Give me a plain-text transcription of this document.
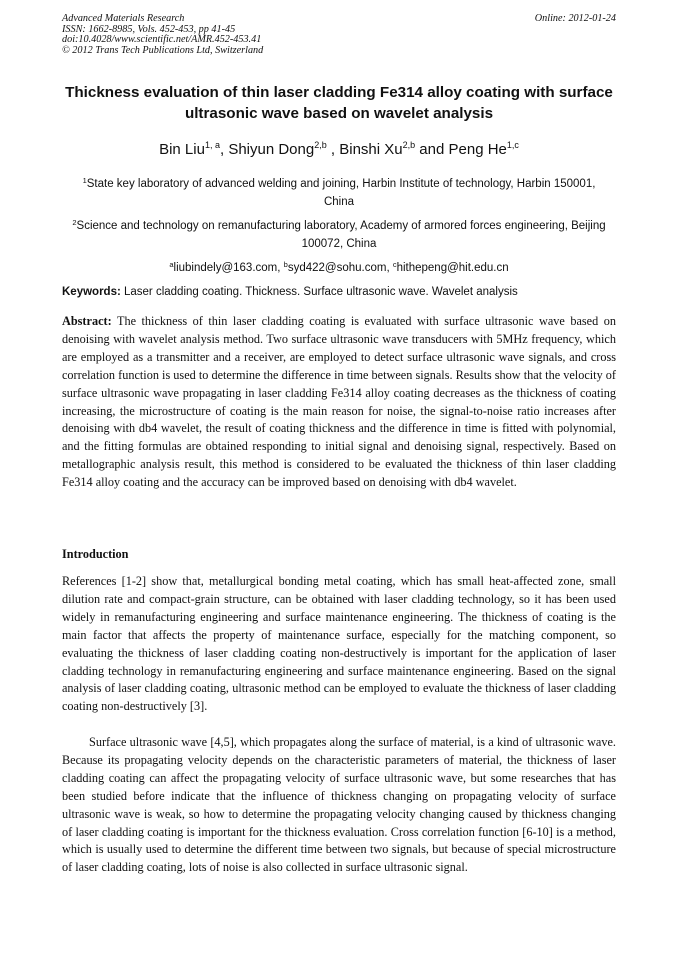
Advanced Materials Research
ISSN: 1662-8985, Vols. 452-453, pp 41-45
doi:10.4028/www.scientific.net/AMR.452-453.41
© 2012 Trans Tech Publications Ltd, Switzerland
Online: 2012-01-24
Thickness evaluation of thin laser cladding Fe314 alloy coating with surface ultrasonic wave based on wavelet analysis
Bin Liu$^{1, a}$, Shiyun Dong$^{2,b}$ , Binshi Xu$^{2,b}$ and Peng He$^{1,c}$
$^1$State key laboratory of advanced welding and joining, Harbin Institute of technology, Harbin 150001, China
$^2$Science and technology on remanufacturing laboratory, Academy of armored forces engineering, Beijing 100072, China
$^a$liubindely@163.com, $^b$syd422@sohu.com, $^c$hithepeng@hit.edu.cn
Keywords: Laser cladding coating. Thickness. Surface ultrasonic wave. Wavelet analysis

Abstract: The thickness of thin laser cladding coating is evaluated with surface ultrasonic wave based on denoising with wavelet analysis method. Two surface ultrasonic wave transducers with 5MHz frequency, which are employed as a transmitter and a receiver, are employed to detect surface ultrasonic wave signals, and cross correlation function is used to determine the difference in time between signals. Results show that the velocity of surface ultrasonic wave propagating in laser cladding Fe314 alloy coating decreases as the thickness of coating increasing, the microstructure of coating is the main reason for noise, the signal-to-noise ratio increases after denoising with db4 wavelet, the result of coating thickness and the difference in time is fitted with polynomial, and the fitting formulas are obtained responding to initial signal and denoising signal, respectively. Based on metallographic analysis result, this method is considered to be evaluated the thickness of thin laser cladding Fe314 alloy coating and the accuracy can be improved based on denoising with db4 wavelet.

Introduction

References [1-2] show that, metallurgical bonding metal coating, which has small heat-affected zone, small dilution rate and compact-grain structure, can be obtained with laser cladding technology, so it has been used widely in remanufacturing engineering and surface maintenance engineering. The thickness of coating is the main factor that affects the property of maintenance surface, especially for the matching component, so evaluating the thickness of laser cladding coating non-destructively is important for the application of laser cladding technology in remanufacturing engineering and surface maintenance engineering. Based on the signal analysis of laser cladding coating, ultrasonic method can be employed to evaluate the thickness of laser cladding coating non-destructively [3].

Surface ultrasonic wave [4,5], which propagates along the surface of material, is a kind of ultrasonic wave. Because its propagating velocity depends on the characteristic parameters of material, the thickness of laser cladding coating can affect the propagating velocity of surface ultrasonic wave, but some researches that has been studied before indicate that the influence of thickness changing on propagating velocity of surface ultrasonic wave is weak, so how to determine the propagating velocity changing caused by thickness changing of laser cladding coating is important for the thickness evaluation. Cross correlation function [6-10] is a method, which is usually used to determine the different time between two signals, but because of special microstructure of laser cladding coating, lots of noise is also collected in surface ultrasonic signal.
